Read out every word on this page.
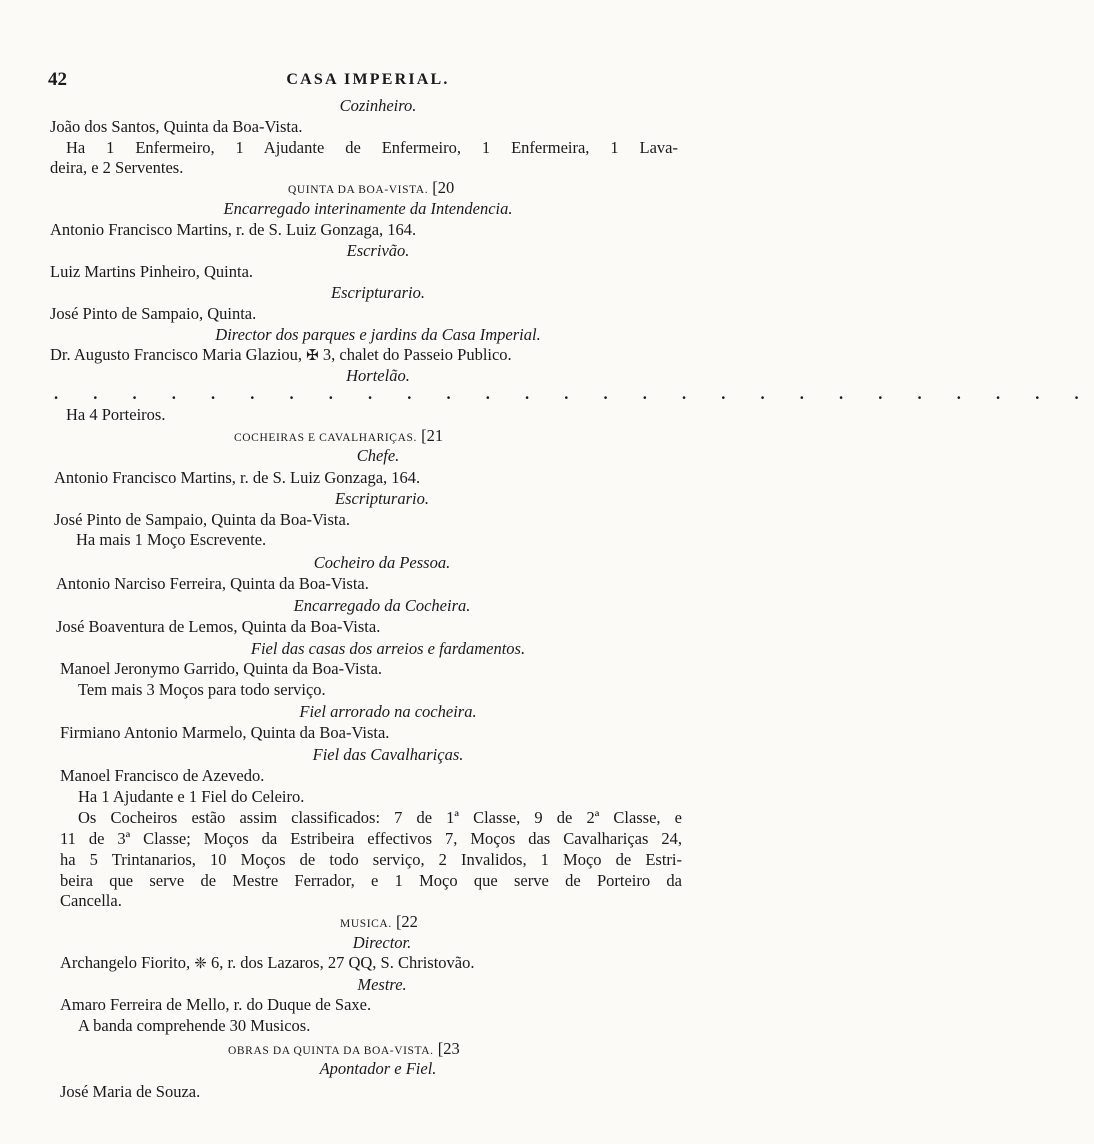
42	CASA IMPERIAL.
Cozinheiro.
João dos Santos, Quinta da Boa-Vista.
Ha 1 Enfermeiro, 1 Ajudante de Enfermeiro, 1 Enfermeira, 1 Lava-
deira, e 2 Serventes.
QUINTA DA BOA-VISTA. [20
Encarregado interinamente da Intendencia.
Antonio Francisco Martins, r. de S. Luiz Gonzaga, 164.
Escrivão.
Luiz Martins Pinheiro, Quinta.
Escripturario.
José Pinto de Sampaio, Quinta.
Director dos parques e jardins da Casa Imperial.
Dr. Augusto Francisco Maria Glaziou, ✠ 3, chalet do Passeio Publico.
Hortelão.
. . . . . . . . . . . . . . . . . . . . . . . . . . .
Ha 4 Porteiros.
COCHEIRAS E CAVALHARIÇAS. [21
Chefe.
Antonio Francisco Martins, r. de S. Luiz Gonzaga, 164.
Escripturario.
José Pinto de Sampaio, Quinta da Boa-Vista.
Ha mais 1 Moço Escrevente.
Cocheiro da Pessoa.
Antonio Narciso Ferreira, Quinta da Boa-Vista.
Encarregado da Cocheira.
José Boaventura de Lemos, Quinta da Boa-Vista.
Fiel das casas dos arreios e fardamentos.
Manoel Jeronymo Garrido, Quinta da Boa-Vista.
Tem mais 3 Moços para todo serviço.
Fiel arrorado na cocheira.
Firmiano Antonio Marmelo, Quinta da Boa-Vista.
Fiel das Cavalhariças.
Manoel Francisco de Azevedo.
Ha 1 Ajudante e 1 Fiel do Celeiro.
Os Cocheiros estão assim classificados: 7 de 1ª Classe, 9 de 2ª Classe, e
11 de 3ª Classe; Moços da Estribeira effectivos 7, Moços das Cavalhariças 24,
ha 5 Trintanarios, 10 Moços de todo serviço, 2 Invalidos, 1 Moço de Estri-
beira que serve de Mestre Ferrador, e 1 Moço que serve de Porteiro da
Cancella.
MUSICA. [22
Director.
Archangelo Fiorito, ❈ 6, r. dos Lazaros, 27 QQ, S. Christovão.
Mestre.
Amaro Ferreira de Mello, r. do Duque de Saxe.
A banda comprehende 30 Musicos.
OBRAS DA QUINTA DA BOA-VISTA. [23
Apontador e Fiel.
José Maria de Souza.
